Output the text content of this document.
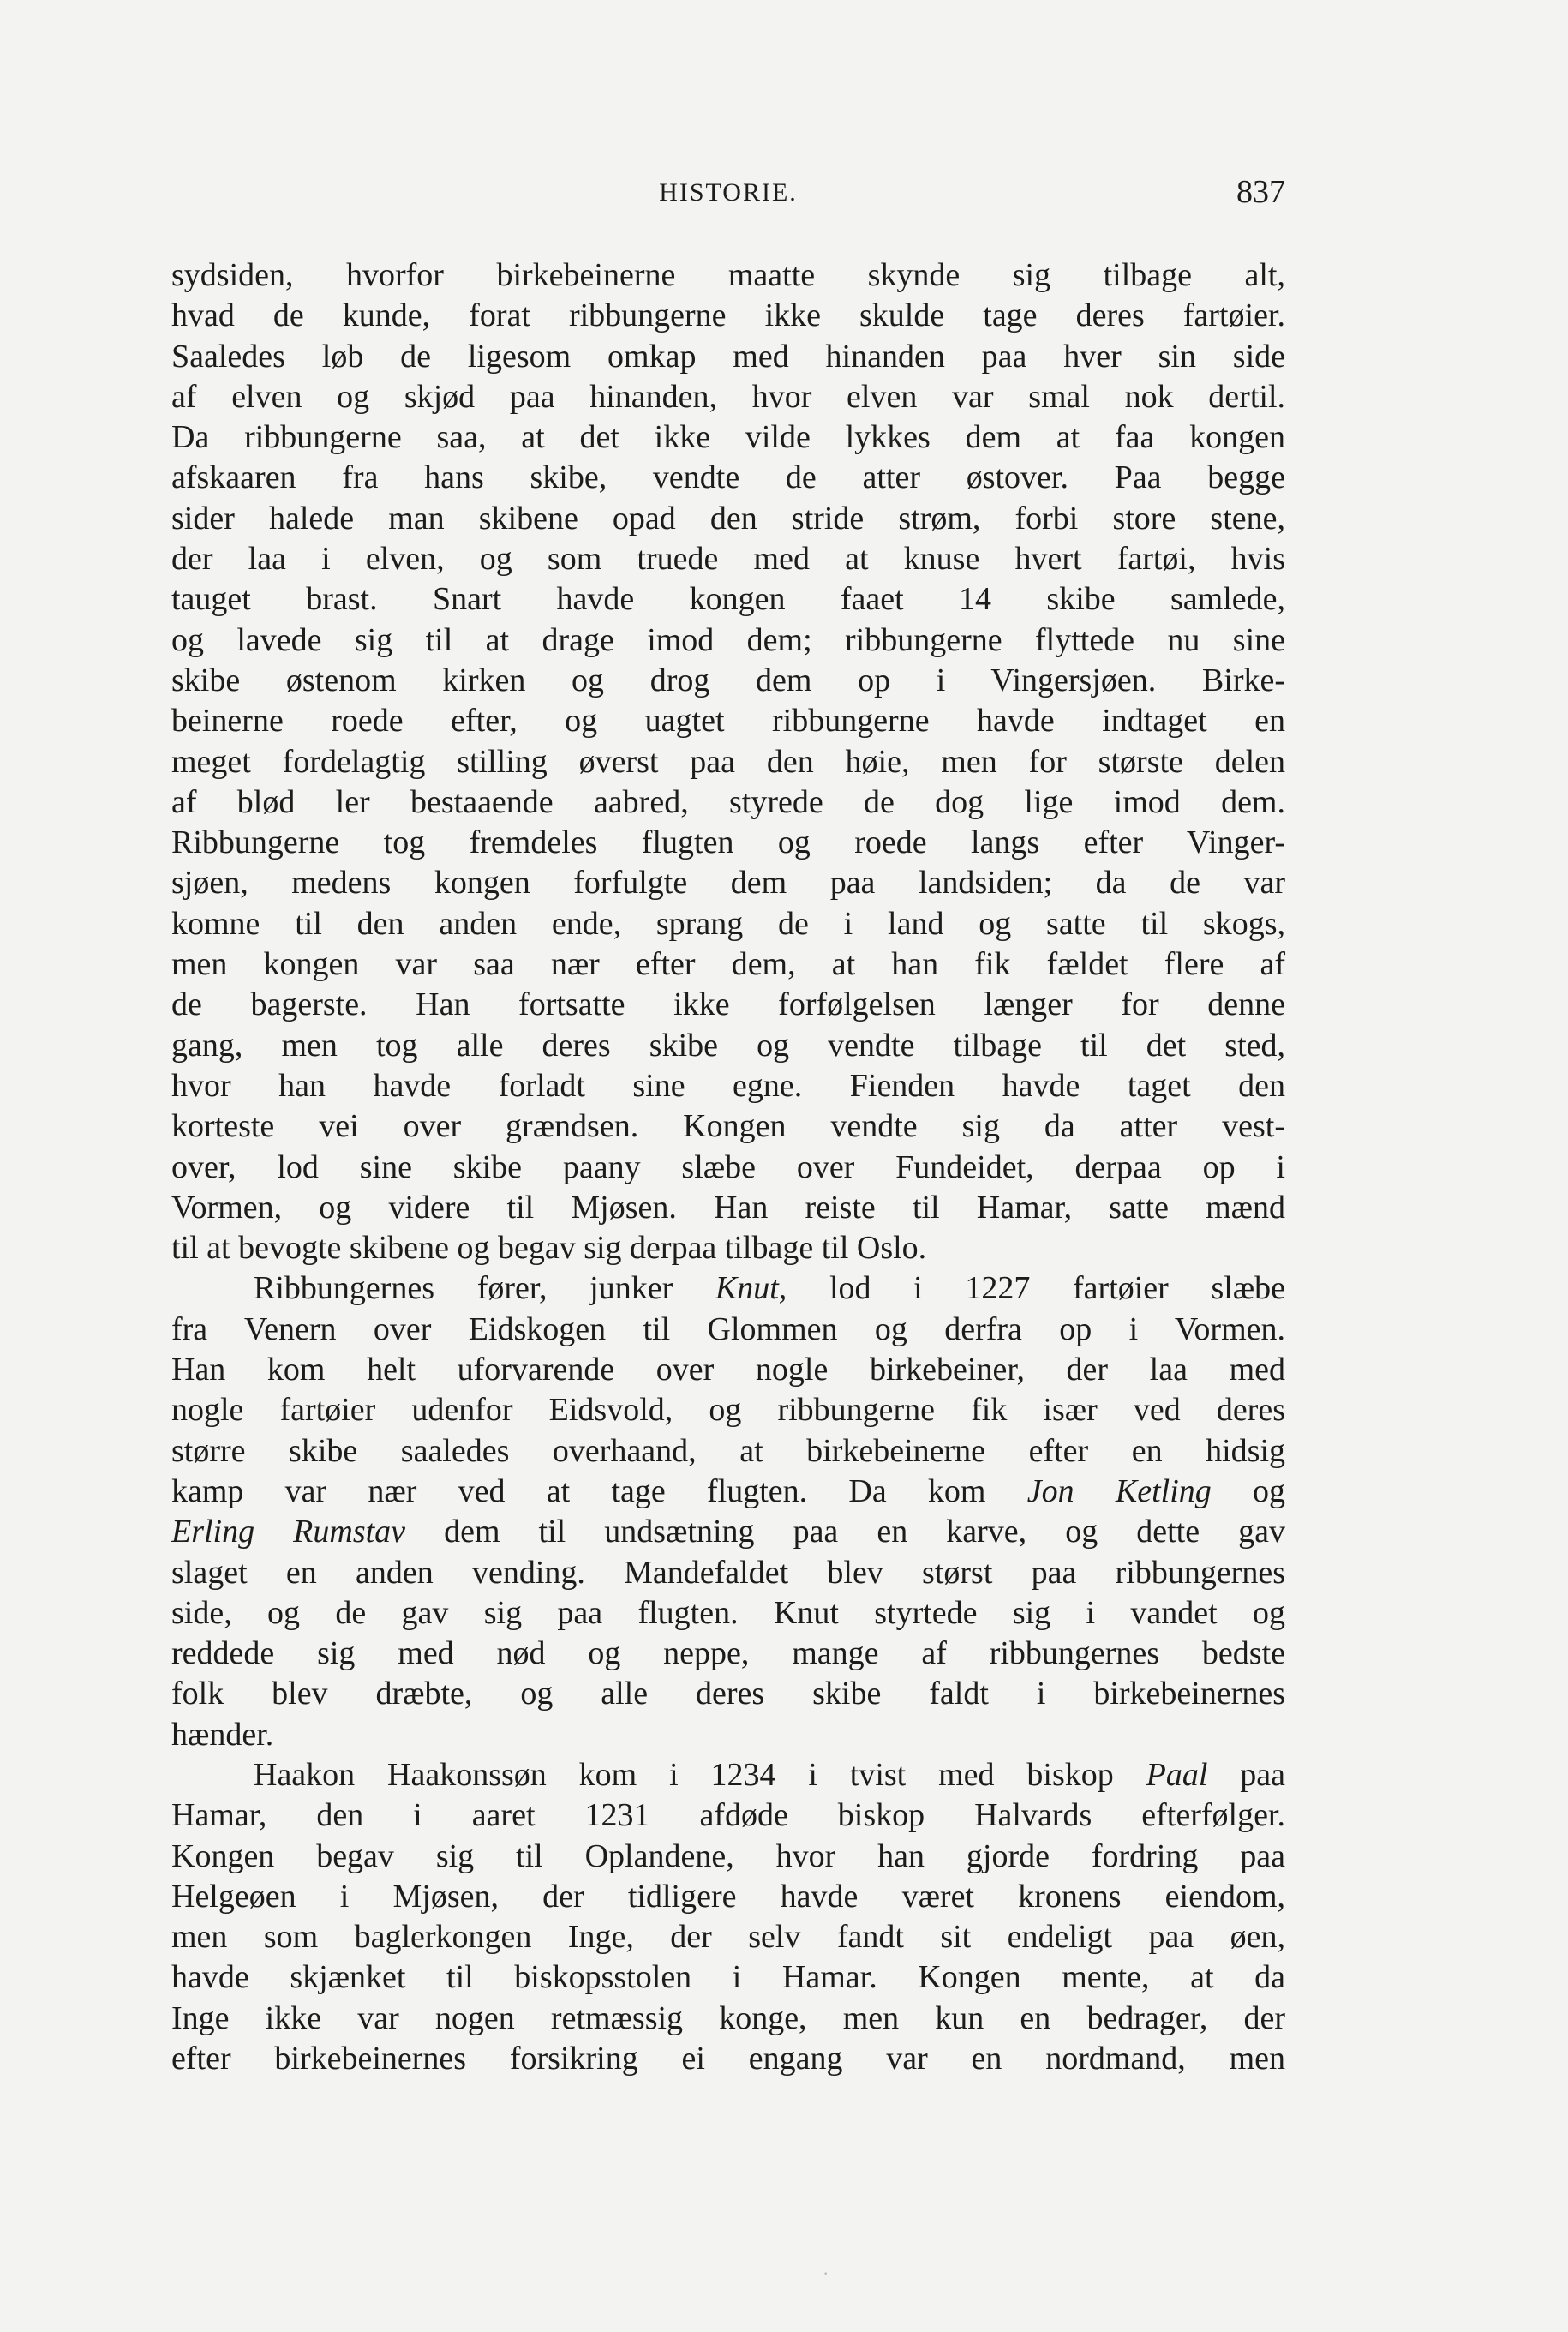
HISTORIE.	837
sydsiden, hvorfor birkebeinerne maatte skynde sig tilbage alt,
hvad de kunde, forat ribbungerne ikke skulde tage deres fartøier.
Saaledes løb de ligesom omkap med hinanden paa hver sin side
af elven og skjød paa hinanden, hvor elven var smal nok dertil.
Da ribbungerne saa, at det ikke vilde lykkes dem at faa kongen
afskaaren fra hans skibe, vendte de atter østover. Paa begge
sider halede man skibene opad den stride strøm, forbi store stene,
der laa i elven, og som truede med at knuse hvert fartøi, hvis
tauget brast. Snart havde kongen faaet 14 skibe samlede,
og lavede sig til at drage imod dem; ribbungerne flyttede nu sine
skibe østenom kirken og drog dem op i Vingersjøen. Birke-
beinerne roede efter, og uagtet ribbungerne havde indtaget en
meget fordelagtig stilling øverst paa den høie, men for største delen
af blød ler bestaaende aabred, styrede de dog lige imod dem.
Ribbungerne tog fremdeles flugten og roede langs efter Vinger-
sjøen, medens kongen forfulgte dem paa landsiden; da de var
komne til den anden ende, sprang de i land og satte til skogs,
men kongen var saa nær efter dem, at han fik fældet flere af
de bagerste. Han fortsatte ikke forfølgelsen længer for denne
gang, men tog alle deres skibe og vendte tilbage til det sted,
hvor han havde forladt sine egne. Fienden havde taget den
korteste vei over grændsen. Kongen vendte sig da atter vest-
over, lod sine skibe paany slæbe over Fundeidet, derpaa op i
Vormen, og videre til Mjøsen. Han reiste til Hamar, satte mænd
til at bevogte skibene og begav sig derpaa tilbage til Oslo.
Ribbungernes fører, junker Knut, lod i 1227 fartøier slæbe
fra Venern over Eidskogen til Glommen og derfra op i Vormen.
Han kom helt uforvarende over nogle birkebeiner, der laa med
nogle fartøier udenfor Eidsvold, og ribbungerne fik især ved deres
større skibe saaledes overhaand, at birkebeinerne efter en hidsig
kamp var nær ved at tage flugten. Da kom Jon Ketling og
Erling Rumstav dem til undsætning paa en karve, og dette gav
slaget en anden vending. Mandefaldet blev størst paa ribbungernes
side, og de gav sig paa flugten. Knut styrtede sig i vandet og
reddede sig med nød og neppe, mange af ribbungernes bedste
folk blev dræbte, og alle deres skibe faldt i birkebeinernes
hænder.
Haakon Haakonssøn kom i 1234 i tvist med biskop Paal paa
Hamar, den i aaret 1231 afdøde biskop Halvards efterfølger.
Kongen begav sig til Oplandene, hvor han gjorde fordring paa
Helgeøen i Mjøsen, der tidligere havde været kronens eiendom,
men som baglerkongen Inge, der selv fandt sit endeligt paa øen,
havde skjænket til biskopsstolen i Hamar. Kongen mente, at da
Inge ikke var nogen retmæssig konge, men kun en bedrager, der
efter birkebeinernes forsikring ei engang var en nordmand, men
·
